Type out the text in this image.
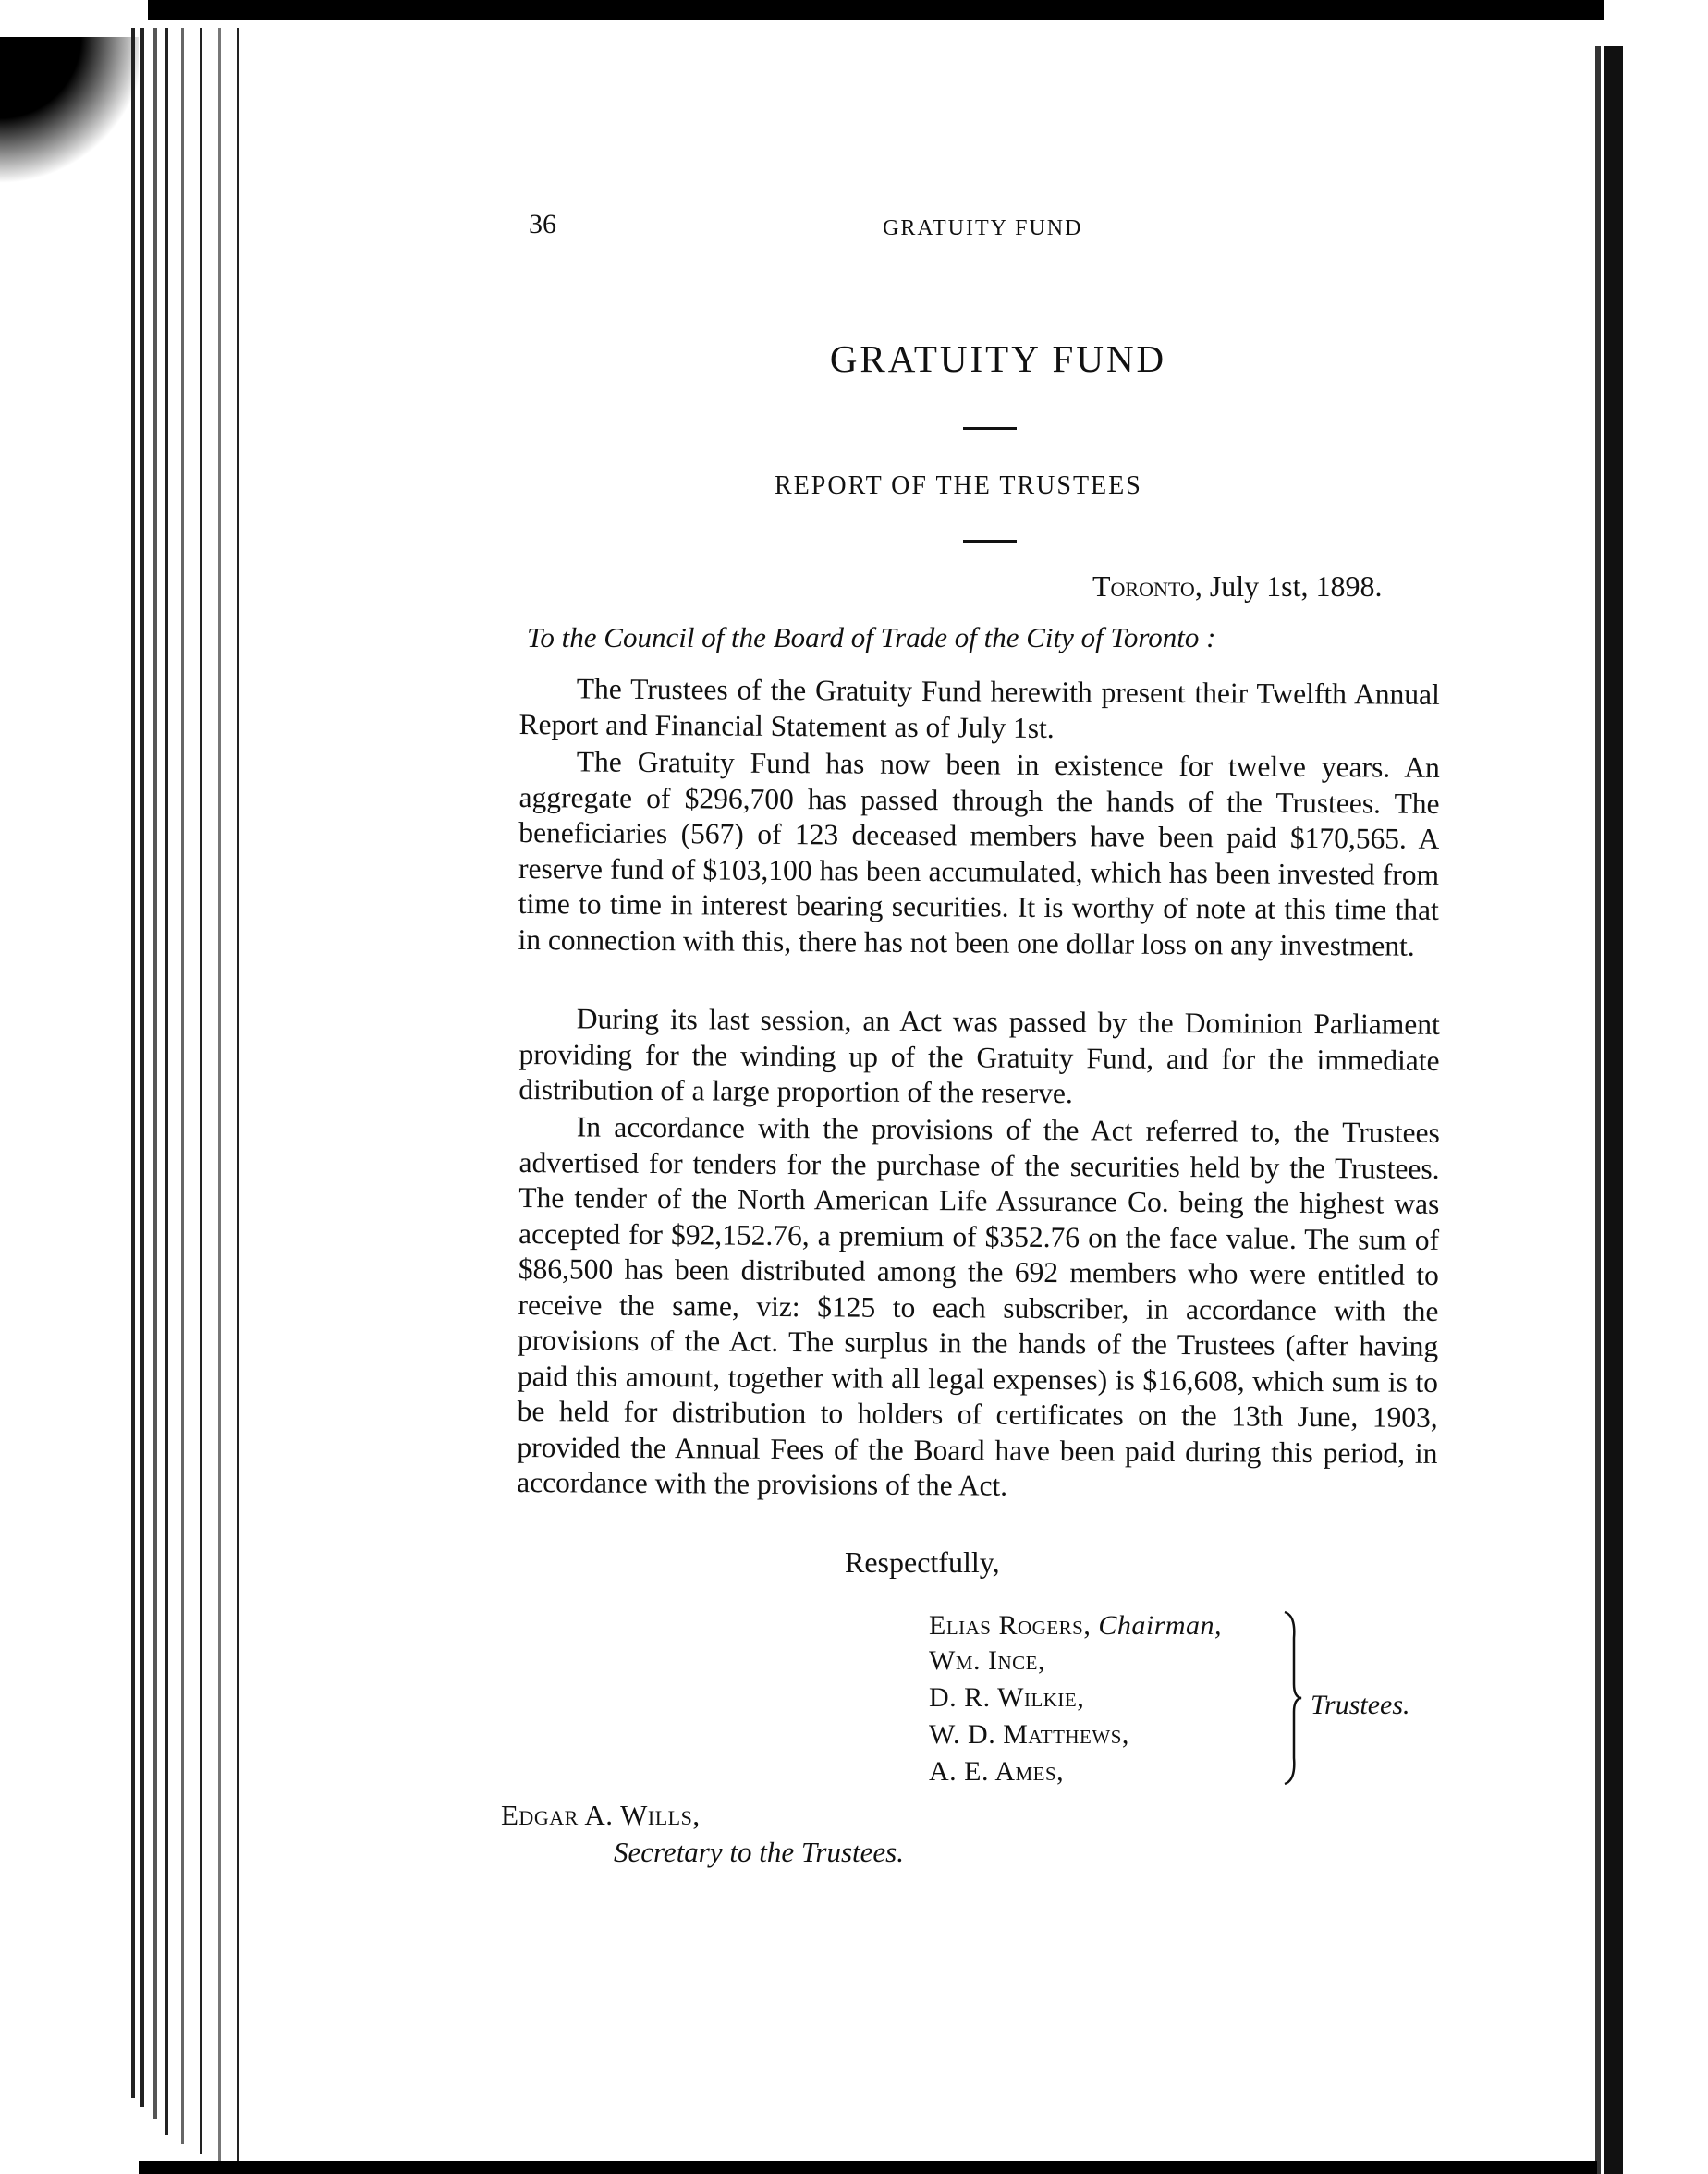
36	GRATUITY FUND
GRATUITY FUND
REPORT OF THE TRUSTEES
Toronto, July 1st, 1898.
To the Council of the Board of Trade of the City of Toronto :
The Trustees of the Gratuity Fund herewith present their Twelfth Annual Report and Financial Statement as of July 1st.
The Gratuity Fund has now been in existence for twelve years. An aggregate of $296,700 has passed through the hands of the Trustees. The beneficiaries (567) of 123 deceased members have been paid $170,565. A reserve fund of $103,100 has been accumulated, which has been invested from time to time in interest bearing securities. It is worthy of note at this time that in connection with this, there has not been one dollar loss on any investment.
During its last session, an Act was passed by the Dominion Parliament providing for the winding up of the Gratuity Fund, and for the immediate distribution of a large proportion of the reserve.
In accordance with the provisions of the Act referred to, the Trustees advertised for tenders for the purchase of the securities held by the Trustees. The tender of the North American Life Assurance Co. being the highest was accepted for $92,152.76, a premium of $352.76 on the face value. The sum of $86,500 has been distributed among the 692 members who were entitled to receive the same, viz: $125 to each subscriber, in accordance with the provisions of the Act. The surplus in the hands of the Trustees (after having paid this amount, together with all legal expenses) is $16,608, which sum is to be held for distribution to holders of certificates on the 13th June, 1903, provided the Annual Fees of the Board have been paid during this period, in accordance with the provisions of the Act.
Respectfully,
Elias Rogers, Chairman,
Wm. Ince,
D. R. Wilkie,
W. D. Matthews,
A. E. Ames,
Trustees.
Edgar A. Wills,
Secretary to the Trustees.
